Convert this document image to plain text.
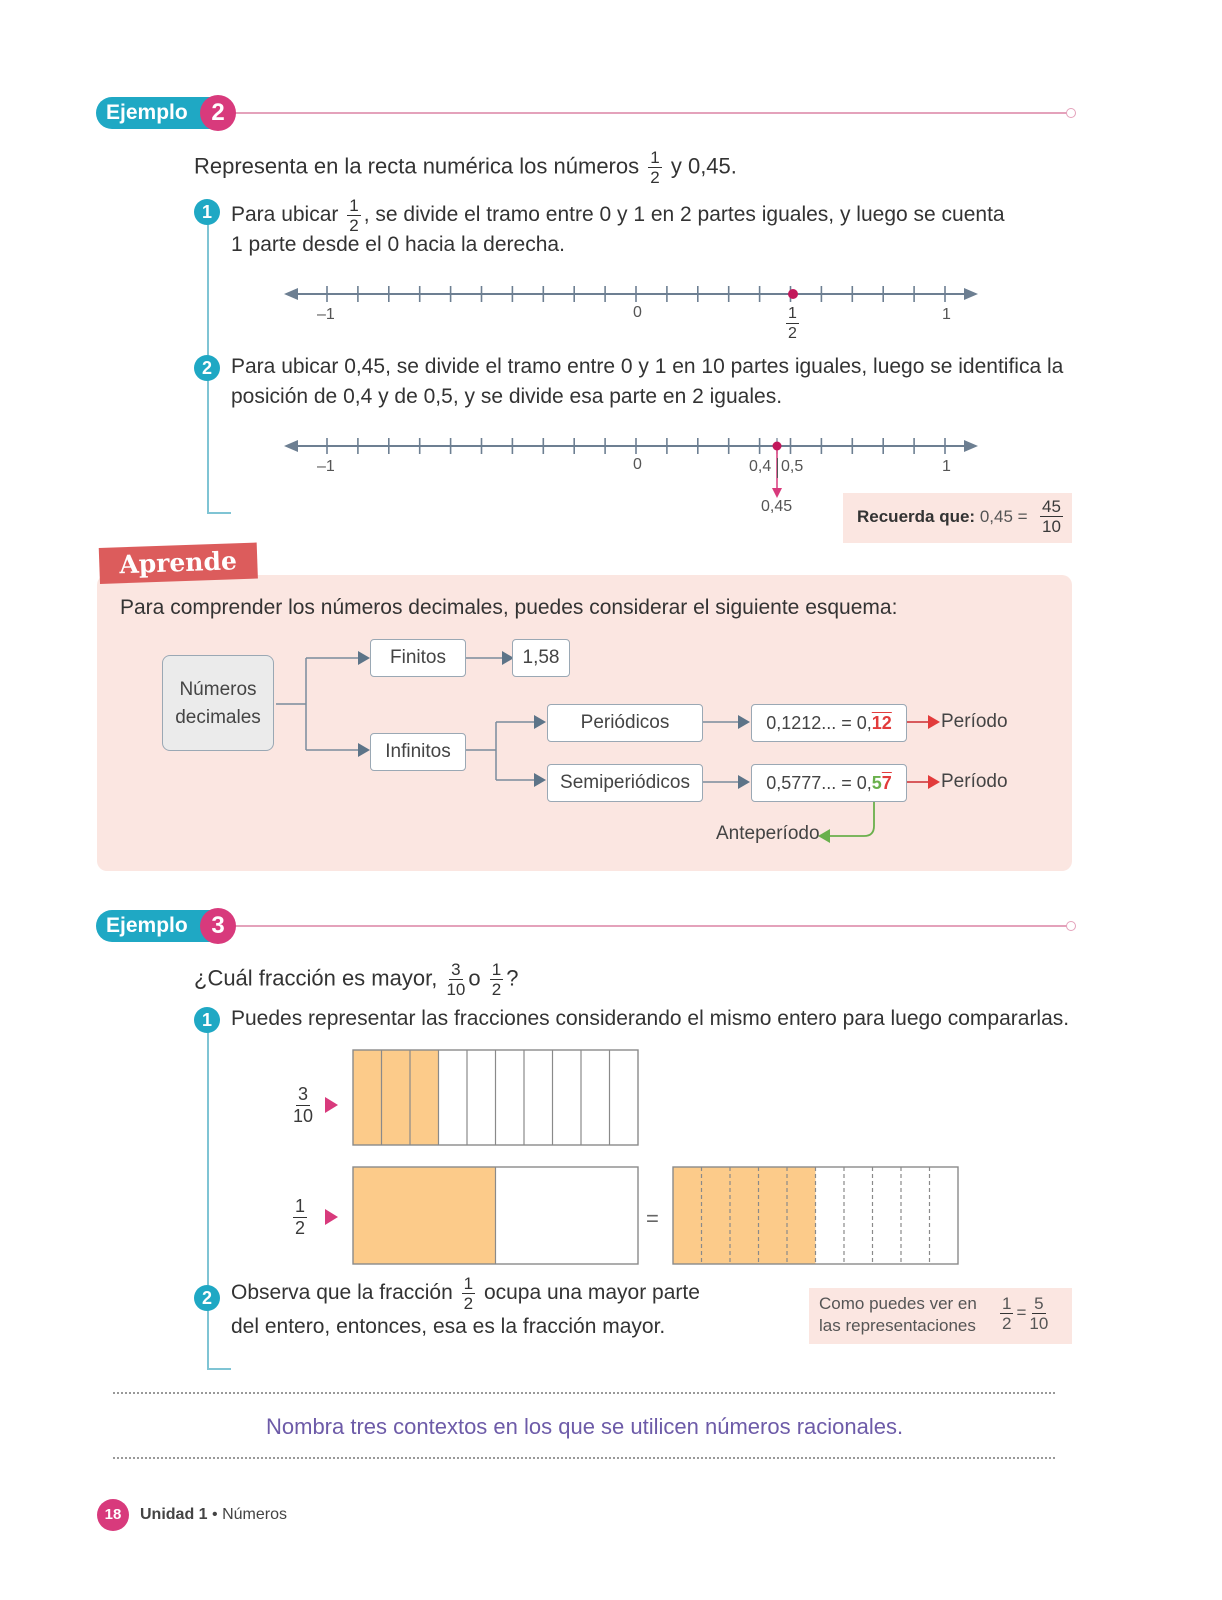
Ejemplo 2
Representa en la recta numérica los números $\frac{1}{2}$ y 0,45.
1 Para ubicar $\frac{1}{2}$ , se divide el tramo entre 0 y 1 en 2 partes iguales, y luego se cuenta
1 parte desde el 0 hacia la derecha.
–1	0	1
$\frac{1}{2}$
2 Para ubicar 0,45, se divide el tramo entre 0 y 1 en 10 partes iguales, luego se identifica la
posición de 0,4 y de 0,5, y se divide esa parte en 2 iguales.
–1	0	0,4 0,5	1
0,45
Recuerda que: $0,45 = \frac{45}{10}$
Aprende
Para comprender los números decimales, puedes considerar el siguiente esquema:
Números
decimales
Finitos	1,58
Infinitos
Periódicos
Semiperiódicos
0,1212... = 0,12
0,5777... = 0,57
Período
Período
Anteperíodo
Ejemplo 3
¿Cuál fracción es mayor, $\frac{3}{10}$ o $\frac{1}{2}$ ?
1 Puedes representar las fracciones considerando el mismo entero para luego compararlas.
$\frac{3}{10}$
$\frac{1}{2}$	=
2 Observa que la fracción $\frac{1}{2}$ ocupa una mayor parte
del entero, entonces, esa es la fracción mayor.
Como puedes ver en
las representaciones $\frac{1}{2} = \frac{5}{10}$
Nombra tres contextos en los que se utilicen números racionales.
18	Unidad 1 • Números
